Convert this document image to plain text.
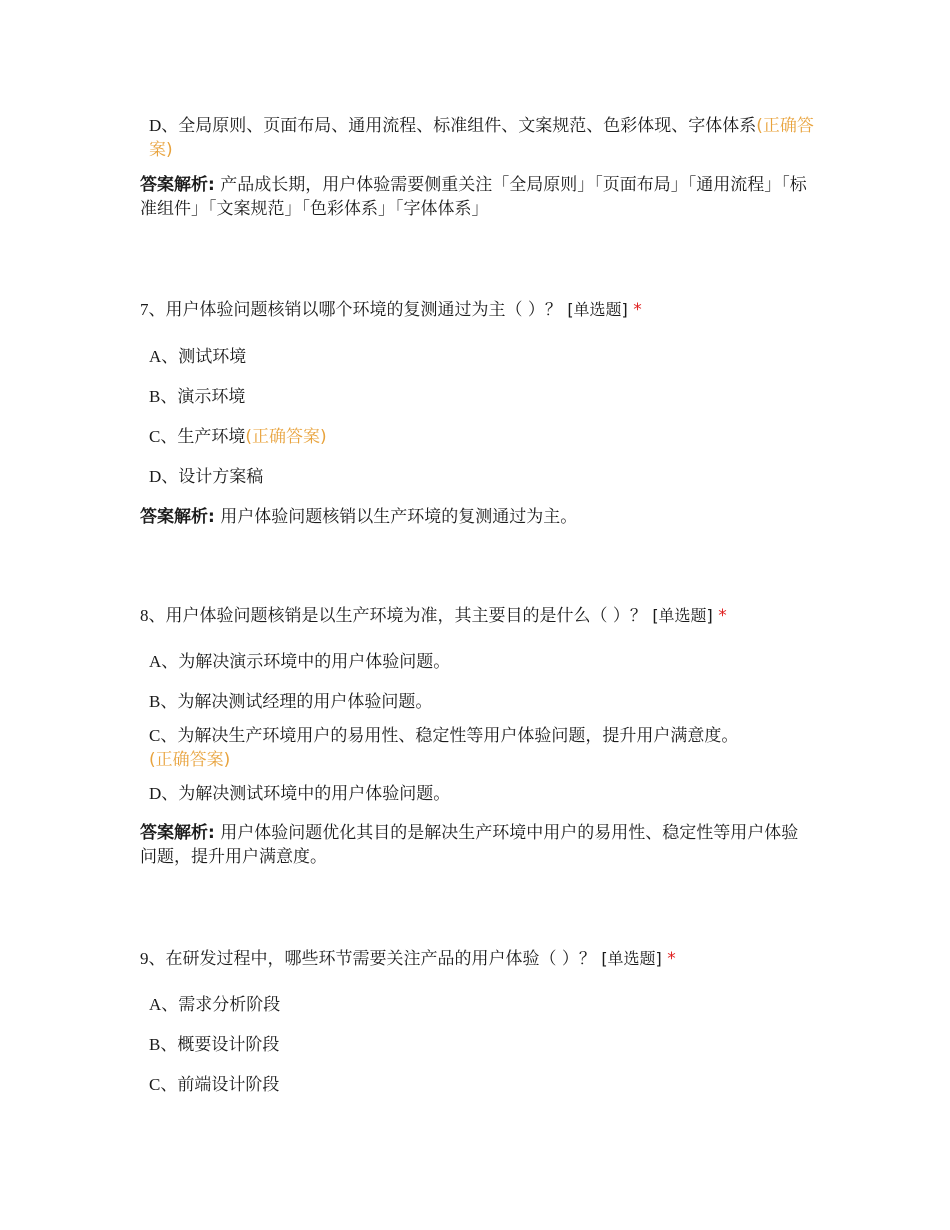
D、全局原则、页面布局、通用流程、标准组件、文案规范、色彩体现、字体体系(正确答案)
答案解析: 产品成长期，用户体验需要侧重关注「全局原则」「页面布局」「通用流程」「标准组件」「文案规范」「色彩体系」「字体体系」
7、用户体验问题核销以哪个环境的复测通过为主（ ）？ [单选题] *
A、测试环境
B、演示环境
C、生产环境(正确答案)
D、设计方案稿
答案解析: 用户体验问题核销以生产环境的复测通过为主。
8、用户体验问题核销是以生产环境为准，其主要目的是什么（ ）？ [单选题] *
A、为解决演示环境中的用户体验问题。
B、为解决测试经理的用户体验问题。
C、为解决生产环境用户的易用性、稳定性等用户体验问题，提升用户满意度。
(正确答案)
D、为解决测试环境中的用户体验问题。
答案解析: 用户体验问题优化其目的是解决生产环境中用户的易用性、稳定性等用户体验问题，提升用户满意度。
9、在研发过程中，哪些环节需要关注产品的用户体验（ ）？ [单选题] *
A、需求分析阶段
B、概要设计阶段
C、前端设计阶段
